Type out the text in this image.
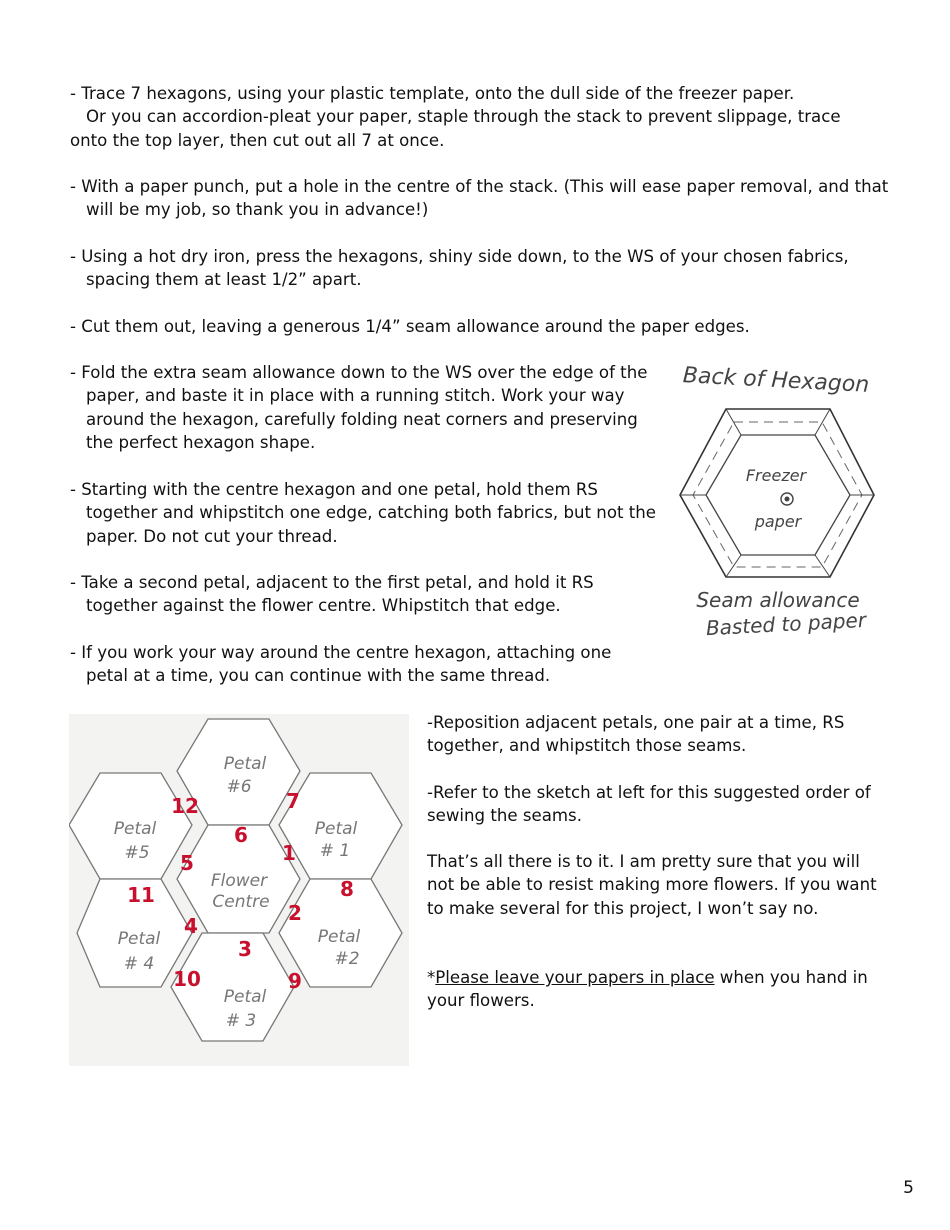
- Trace 7 hexagons, using your plastic template, onto the dull side of the freezer paper.
Or you can accordion-pleat your paper, staple through the stack to prevent slippage, trace
onto the top layer, then cut out all 7 at once.

- With a paper punch, put a hole in the centre of the stack. (This will ease paper removal, and that will be my job, so thank you in advance!)

- Using a hot dry iron, press the hexagons, shiny side down, to the WS of your chosen fabrics, spacing them at least 1/2” apart.

- Cut them out, leaving a generous 1/4” seam allowance around the paper edges.

- Fold the extra seam allowance down to the WS over the edge of the paper, and baste it in place with a running stitch. Work your way around the hexagon, carefully folding neat corners and preserving the perfect hexagon shape.

- Starting with the centre hexagon and one petal, hold them RS together and whipstitch one edge, catching both fabrics, but not the paper. Do not cut your thread.

- Take a second petal, adjacent to the first petal, and hold it RS together against the flower centre. Whipstitch that edge.

- If you work your way around the centre hexagon, attaching one petal at a time, you can continue with the same thread.

Back of Hexagon
Freezer
paper
Seam allowance
Basted to paper
Petal
#6
Petal
#5
Petal
# 1
Flower
Centre
Petal
# 4
Petal
#2
Petal
# 3
1
2
3
4
5
6
7
8
9
10
11
12

-Reposition adjacent petals, one pair at a time, RS together, and whipstitch those seams.

-Refer to the sketch at left for this suggested order of sewing the seams.

That’s all there is to it. I am pretty sure that you will not be able to resist making more flowers. If you want to make several for this project, I won’t say no.

*Please leave your papers in place when you hand in your flowers.

5
